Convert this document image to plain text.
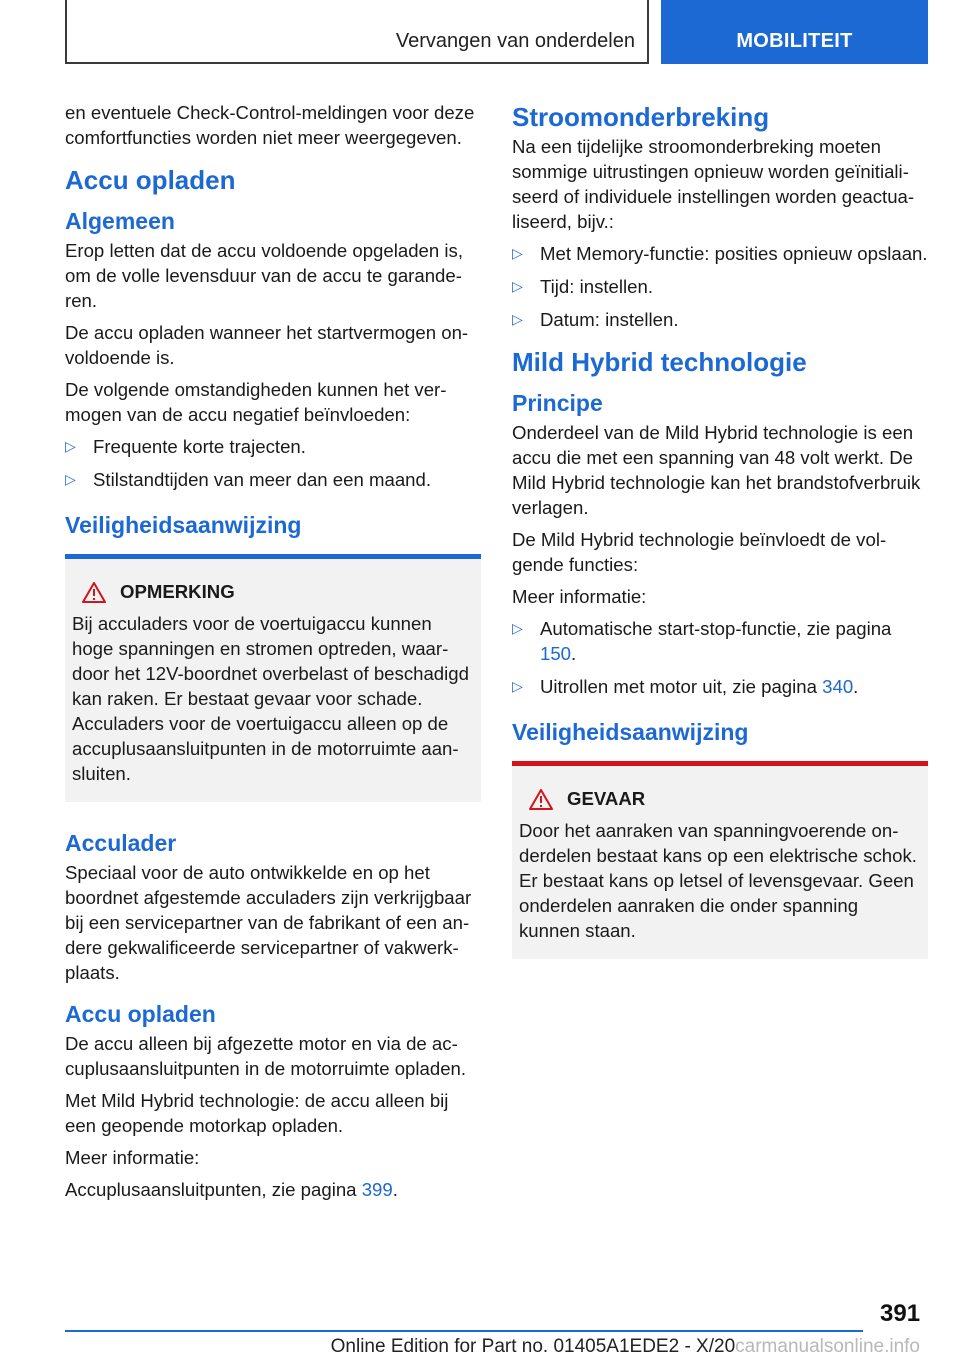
Vervangen van onderdelen	MOBILITEIT

en eventuele Check-Control-meldingen voor deze comfortfuncties worden niet meer weergegeven.

Accu opladen
Algemeen

Erop letten dat de accu voldoende opgeladen is, om de volle levensduur van de accu te garanderen.

De accu opladen wanneer het startvermogen onvoldoende is.

De volgende omstandigheden kunnen het vermogen van de accu negatief beïnvloeden:

▷ Frequente korte trajecten.
▷ Stilstandtijden van meer dan een maand.
Veiligheidsaanwijzing
OPMERKING

Bij acculaders voor de voertuigaccu kunnen hoge spanningen en stromen optreden, waardoor het 12V-boordnet overbelast of beschadigd kan raken. Er bestaat gevaar voor schade. Acculaders voor de voertuigaccu alleen op de accuplusaansluitpunten in de motorruimte aansluiten.

Acculader

Speciaal voor de auto ontwikkelde en op het boordnet afgestemde acculaders zijn verkrijgbaar bij een servicepartner van de fabrikant of een andere gekwalificeerde servicepartner of vakwerkplaats.

Accu opladen

De accu alleen bij afgezette motor en via de accuplusaansluitpunten in de motorruimte opladen.

Met Mild Hybrid technologie: de accu alleen bij een geopende motorkap opladen.

Meer informatie:

Accuplusaansluitpunten, zie pagina 399.

Stroomonderbreking

Na een tijdelijke stroomonderbreking moeten sommige uitrustingen opnieuw worden geïnitialiseerd of individuele instellingen worden geactualiseerd, bijv.:

▷ Met Memory-functie: posities opnieuw opslaan.
▷ Tijd: instellen.
▷ Datum: instellen.
Mild Hybrid technologie
Principe

Onderdeel van de Mild Hybrid technologie is een accu die met een spanning van 48 volt werkt. De Mild Hybrid technologie kan het brandstofverbruik verlagen.

De Mild Hybrid technologie beïnvloedt de volgende functies:

Meer informatie:

▷ Automatische start-stop-functie, zie pagina 150.
▷ Uitrollen met motor uit, zie pagina 340.
Veiligheidsaanwijzing
GEVAAR

Door het aanraken van spanningvoerende onderdelen bestaat kans op een elektrische schok. Er bestaat kans op letsel of levensgevaar. Geen onderdelen aanraken die onder spanning kunnen staan.

391
Online Edition for Part no. 01405A1EDE2 - X/20carmanualsonline.info
